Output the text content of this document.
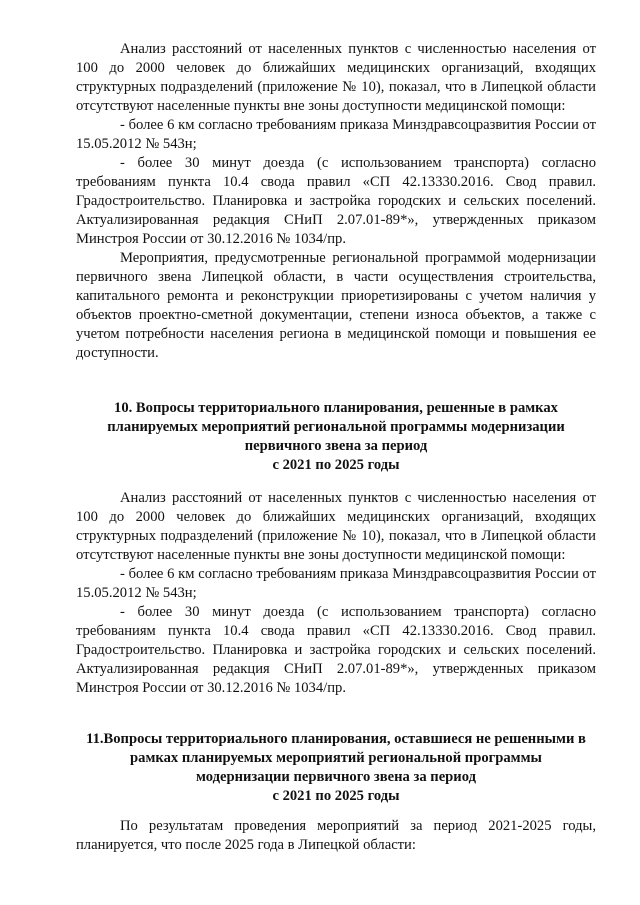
Анализ расстояний от населенных пунктов с численностью населения от 100 до 2000 человек до ближайших медицинских организаций, входящих структурных подразделений (приложение № 10), показал, что в Липецкой области отсутствуют населенные пункты вне зоны доступности медицинской помощи:

- более 6 км согласно требованиям приказа Минздравсоцразвития России от 15.05.2012 № 543н;

- более 30 минут доезда (с использованием транспорта) согласно требованиям пункта 10.4 свода правил «СП 42.13330.2016. Свод правил. Градостроительство. Планировка и застройка городских и сельских поселений. Актуализированная редакция СНиП 2.07.01-89*», утвержденных приказом Минстроя России от 30.12.2016 № 1034/пр.

Мероприятия, предусмотренные региональной программой модернизации первичного звена Липецкой области, в части осуществления строительства, капитального ремонта и реконструкции приоретизированы с учетом наличия у объектов проектно-сметной документации, степени износа объектов, а также с учетом потребности населения региона в медицинской помощи и повышения ее доступности.

10. Вопросы территориального планирования, решенные в рамках
планируемых мероприятий региональной программы модернизации
первичного звена за период
с 2021 по 2025 годы

Анализ расстояний от населенных пунктов с численностью населения от 100 до 2000 человек до ближайших медицинских организаций, входящих структурных подразделений (приложение № 10), показал, что в Липецкой области отсутствуют населенные пункты вне зоны доступности медицинской помощи:

- более 6 км согласно требованиям приказа Минздравсоцразвития России от 15.05.2012 № 543н;

- более 30 минут доезда (с использованием транспорта) согласно требованиям пункта 10.4 свода правил «СП 42.13330.2016. Свод правил. Градостроительство. Планировка и застройка городских и сельских поселений. Актуализированная редакция СНиП 2.07.01-89*», утвержденных приказом Минстроя России от 30.12.2016 № 1034/пр.

11.Вопросы территориального планирования, оставшиеся не решенными в
рамках планируемых мероприятий региональной программы
модернизации первичного звена за период
с 2021 по 2025 годы

По результатам проведения мероприятий за период 2021-2025 годы, планируется, что после 2025 года в Липецкой области:
